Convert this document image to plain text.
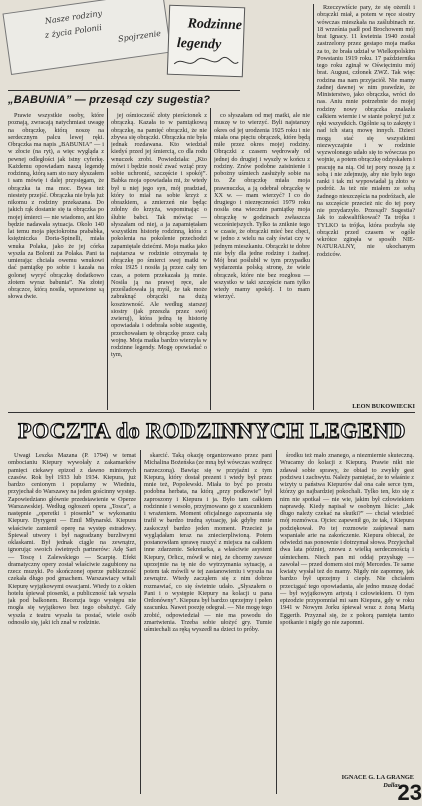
Nasze rodziny
z życia Polonii Spojrzenie
Rodzinne
legendy
„BABUNIA” — przesąd czy sugestia?

Prawie wszystkie osoby, które poznają, zwracają natychmiast uwagę na obrączkę, którą noszę na serdecznym palcu lewej ręki. Obrączka ma napis „BABUNIA” — i w złocie (na ryt), a więc wygląda z pewnej odległości jak istny cyferkę. Każdemu opowiadam naszą legendę rodzinną, którą sam sto razy słyszałem i sam mówię i dalej przysięgam, że obrączka ta ma moc. Bywa też niestety przejść. Obrączka nie była już nikomu z rodziny przekazana. Do jakich rąk dostanie się ta obrączka po mojej śmierci — nie wiadomo, ani kto będzie nadawała sytuacja. Okolo 140 lat temu moja pięciokrotna prababka, księżniczka Doria-Spinelli, miała wnuka Polaka, jako że jej córka wyszła za Bolonii za Polaka. Pani ta umierając chciała owemu wnukowi dać pamiątkę po sobie i kazała na golonej wyryć obrączkę dodatkowo złotem wyraz babunia”. Na złotej obrączce, którą nosiła, wprawione są słowa dwie.

jej ośmiocześć złoty pierścionek z obrączką. Kazała to w pamiątkową obrączkę, na pamięć obrączki, że nie zbywa się obrączki. Obrączka nie była jednak rozdawana. Kto wiedział kiedyś przed jej śmiercią, co dla rodu wnuczek zrobi. Powiedziała: „Kto mówi i będzie nosić zwać wziąć przy sobie uchronić, szczęście i spokój”. Babka moja opowiadała mi, że wtedy był u niej jego syn, mój pradziad, który to miał na sobie krzyż z obrazkiem, a zmierzeń nie będąc zdolny do krzyża, wspominając o ślubie babci. Tak mówiąc — słyszałam od niej, a ja zapamiętałam wszystkim historię rodzinną, która z pokolenia na pokolenie przechodzi zapamiętale dziećmi. Moja matka jako najstarsza w rodzinie otrzymała tę obrączkę po śmierci swej matki w roku 1925 i nosiła ją przez cały ten czas, a potem przekazała ją mnie. Nosiła ją na prawej ręce, ale prześladowała ją myśl, że tak może zabraknąć obrączki na dużą kosztowność. Ale według starszej siostry (jak przeszła przez swój zwieruj), która jedną tę historię opowiadała i odebrała sobie sugestię, przechowałam tę obrączkę przez całą wojnę. Moja matka bardzo wierzyła w rodzinne legendy. Mogę opowiadać o tym,

co słyszałam od mej matki, ale nie muszę w to wierzyć. Byli najstarszy okres od jej urodzenia 1925 roku i nie miała ona pięciu obrączek, które będą miłe przez okres mojej rodziny. Obrączki z czasem wędrowały od jednej do drugiej i wyszły w końcu z rodziny. Znów podobne zaistnienie i pobożny uśmiech zasłużyły sobie na to. Że obrączkę miała moja prawnuczka, a ją odebrał obrączkę w XX w. — mam wierzyć? I co do drugiego i niezręczności 1979 roku nosiła ona wiecznie pamiątkę moja obrączkę w godzinach zwłaszcza wcześniejszych. Tylko ta zniknie tego w czasie, że obrączki mieć bez chęci, w jedno z wielu na cały świat czy w jednym mieszkaniu. Obrączki te dobre nie były dla jedne rodziny i żadnej. Mój brat poślubił w tym przypadku wydarzenia polską stronę, że wiele obrączek, które nie bez rozgłosu — wszystko w taki szczęście nam tylko wtedy mamy spokój. I to mam wierzyć.

Rzeczywiście pary, że się ożenili i obrączki miał, a potem w ręce siostry wówczas mieszkała na zaślubinach nr. 18 września padł pod Brochowem mój brat Ignacy. 11 kwietnia 1940 został zastrzelony przez gestapo moja matka za to, że brała udział w Wielkopolskim Powstaniu 1919 roku. 17 października tego roku zginął w Oświęcimiu mój brat. August, członek ZWZ. Tak więc rodzina ma nam przyjaciół. Nie mamy żadnej dawnej w nim prawdzie, że Ministerstwo, jako obrączka, wróci do nas. Aniu mnie potrzebnie do mojej rodziny nowy obrączka znalazła całkiem wiernie i w stanie pokryć już z ręki wszystkich. Ogólnie są to zakręty i nad ich starą mowę innych. Dzieci mogą stać się wszystkimi niezwyczajnie i w rodzinie wyzwolonego udało się to wówczas po wojnie, a potem obrączkę odzyskałem i pracuję na nią. Od tej pory noszę ją z sobą i nie zdejmuję, aby nie było tego ranki i tak mi wypowiadał ją złoto w podróż. Ja też nie miałem ze sobą żadnego nieszczęścia na podróżach, ale na szczęście przecież nic do tej pory nie przydarzyło. Przesąd? Sugestia? Jak to zakwalifikować? Ta trójka i TYLKO ta trójka, która pozbyła się obrączki przed czasem w ogóle wkrótce zginęła w sposób NIE-NATURALNY, nie ukochanym rodziców.

LEON BUKOWIECKI
POCZTA do RODZINNYCH LEGEND

Uwagi Leszka Mazana (P. 1794) w temat ombocianiu Kiepury wywołały z zakamarków pamięci ciekawy epizod z dawno minionych czasów. Rok był 1933 lub 1934. Kiepura, już bardzo cenionym i popularny w Wiedniu, przyjechał do Warszawy na jeden gościnny występ. Zapowiedziano głównie przedstawienie w Operze Warszawskiej. Według ogłoszeń opera „Tosca”, a następnie „operetki i piosenki” w wykonaniu Kiepury. Dyrygent — Emil Młynarski. Kiepura właściwie zamienił operę na występ estradowy. Śpiewał utwory i był nagradzany burzliwymi oklaskami. Był jednak ciągle na zewnątrz, ignorując swoich świetnych partnerów: Adę Sari — Toscę i Zalewskiego — Scarpię. Efekt dramatyczny opery został właściwie zagubiony na rzecz muzyki. Po skończonej operze publiczność czekała długo pod gmachem. Warszawiacy witali Kiepurę wyjątkowymi owacjami. Wtedy to z okien hotelu śpiewał piosenki, a publiczność tak wyszła jak pod balkonem. Recenzja tego występu nie mogła się wyjątkowo bez tego obsłużyć. Gdy wyszła z teatru wyszła ta postać, wiele osób odnosiło się, jaki ich znał w rodzinie.

skarcić. Taką okazję organizowano przez pani Michalina Bożeńska (ze mną był wówczas wzdręcz narzeczoną). Bawiąc się w przyjaźni z tym Kiepurą, który dostał prezent i wtedy był przez mnie też, Popolewski. Miała to być po prostu podobna herbata, na którą „przy podkowie” był zaproszony i Kiepura i ja. Było tam całkiem rodzinnie i wesoło, przyjmowano go z szacunkiem i wrażeniem. Moment oficjalnego zapoznania się trafił w bardzo trudną sytuację, jak gdyby mnie zaskoczył bardzo jeden moment. Przecież ja wyglądałam teraz na zniecierpliwioną. Potem postanowiłam sprawę ruszyć z miejsca na całkiem inne zdarzenie. Sekretarka, a właściwie asystent Kiepury, Orlicz, mówił w niej, że chcemy zawsze uprzejmie na tę nie do wytrzymania sytuację, a potem tak mówili w tej zastanowieniu i wyszła na zewnątrz. Wtedy zacząłem się z nim dobrze rozmawiać, co się świetnie udało. „Słyszałem o Pani i o występie Kiepury na kolacji u pana Ordonówny”. Kiepura był bardzo uprzejmy i pełen szacunku. Nawet poezję odegrał. — Nie mogę tego zrobić, odpowiedział — nie ma powodu do zmartwienia. Trzeba sobie ułożyć gry. Tumie uśmiechali za ręką wyszedł na dzieci to próby.

środku też mało znanego, a niezmiernie skuteczną. Wracamy do kolacji z Kiepurą. Prawie nikt nie zdawał sobie sprawy, że obiad to zwykły gest podziwu i zachwytu. Należy pamiętać, że to właśnie z wizyty u państwa Kiepurów dał ona całe serce tym, którzy go najbardziej pokochali. Tylko ten, kto się z nim nie spotkał — nie wie, jakim był człowiekiem naprawdę. Kiedy napisał w osobnym liście: „Jak długo należy czekać na skutki?” — chciał wiedzieć mój rozmówca. Ojciec zapewnił go, że tak, i Kiepura podziękował. Po tej rozmowie zaśpiewał nam wspaniałe arie na zakończenie. Kiepura obiecał, że odwiedzi nas ponownie i dotrzymał słowa. Przyjechał dwa lata później, znowu z wielką serdecznością i uśmiechem. Niech pan mi oddaj przysługę — zawołał — przed domem stoi mój Mercedes. Te same kwiaty wysłał też do mamy. Nigdy nie zapomnę, jak bardzo był uprzejmy i ciepły. Nie chciałem przeciągać tego opowiadania, ale jedno muszę dodać — był wyjątkowym artystą i człowiekiem. O tym epizodzie przypomniał mi sam Kiepura, gdy w roku 1941 w Nowym Jorku śpiewał wraz z żoną Martą Eggerth. Przyznał się, że z pokorą pamięta tamto spotkanie i nigdy go nie zapomni.

IGNACE G. LA GRANGE
Dallas
23
